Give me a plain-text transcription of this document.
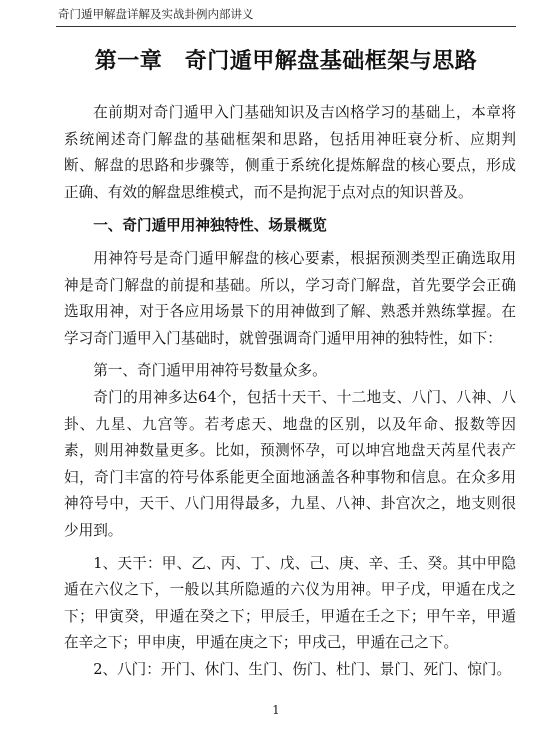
奇门遁甲解盘详解及实战卦例内部讲义
第一章　奇门遁甲解盘基础框架与思路

在前期对奇门遁甲入门基础知识及吉凶格学习的基础上，本章将系统阐述奇门解盘的基础框架和思路，包括用神旺衰分析、应期判断、解盘的思路和步骤等，侧重于系统化提炼解盘的核心要点，形成正确、有效的解盘思维模式，而不是拘泥于点对点的知识普及。

一、奇门遁甲用神独特性、场景概览

用神符号是奇门遁甲解盘的核心要素，根据预测类型正确选取用神是奇门解盘的前提和基础。所以，学习奇门解盘，首先要学会正确选取用神，对于各应用场景下的用神做到了解、熟悉并熟练掌握。在学习奇门遁甲入门基础时，就曾强调奇门遁甲用神的独特性，如下：

第一、奇门遁甲用神符号数量众多。

奇门的用神多达64个，包括十天干、十二地支、八门、八神、八卦、九星、九宫等。若考虑天、地盘的区别，以及年命、报数等因素，则用神数量更多。比如，预测怀孕，可以坤宫地盘天芮星代表产妇，奇门丰富的符号体系能更全面地涵盖各种事物和信息。在众多用神符号中，天干、八门用得最多，九星、八神、卦宫次之，地支则很少用到。

1、天干：甲、乙、丙、丁、戊、己、庚、辛、壬、癸。其中甲隐遁在六仪之下，一般以其所隐遁的六仪为用神。甲子戊，甲遁在戊之下；甲寅癸，甲遁在癸之下；甲辰壬，甲遁在壬之下；甲午辛，甲遁在辛之下；甲申庚，甲遁在庚之下；甲戌己，甲遁在己之下。

2、八门：开门、休门、生门、伤门、杜门、景门、死门、惊门。

1
